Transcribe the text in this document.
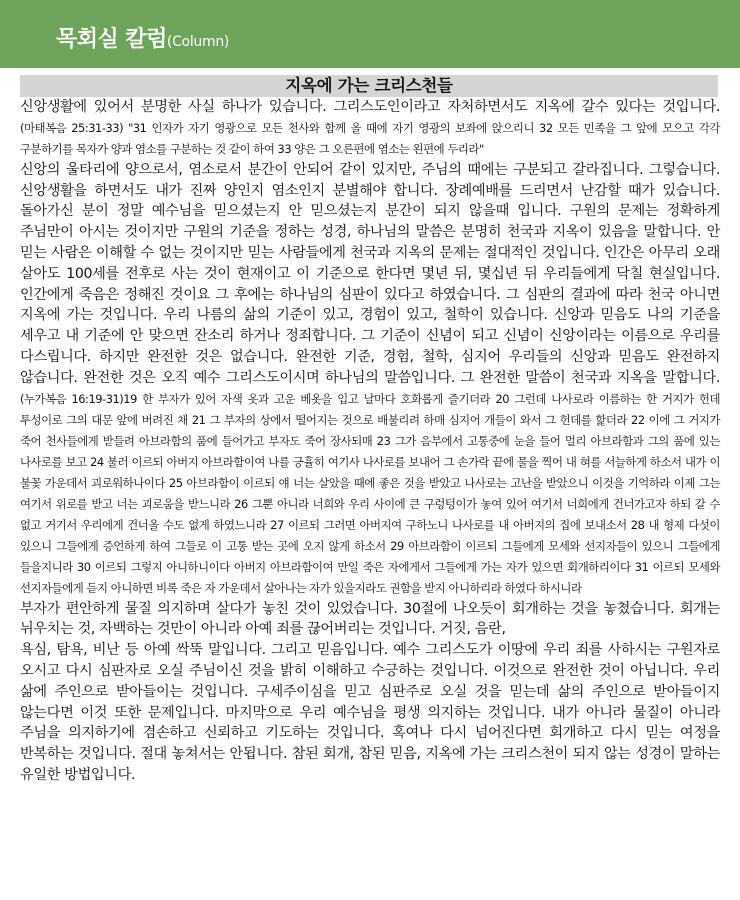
목회실 칼럼(Column)
지옥에 가는 크리스천들

신앙생활에 있어서 분명한 사실 하나가 있습니다. 그리스도인이라고 자처하면서도 지옥에 갈수 있다는 것입니다. (마태복음 25:31-33) "31 인자가 자기 영광으로 모든 천사와 함께 올 때에 자기 영광의 보좌에 앉으리니 32 모든 민족을 그 앞에 모으고 각각 구분하기를 목자가 양과 염소를 구분하는 것 같이 하여 33 양은 그 오른편에 염소는 왼편에 두리라"

신앙의 울타리에 양으로서, 염소로서 분간이 안되어 같이 있지만, 주님의 때에는 구분되고 갈라집니다. 그렇습니다. 신앙생활을 하면서도 내가 진짜 양인지 염소인지 분별해야 합니다. 장례예배를 드리면서 난감할 때가 있습니다. 돌아가신 분이 정말 예수님을 믿으셨는지 안 믿으셨는지 분간이 되지 않을때 입니다. 구원의 문제는 정확하게 주님만이 아시는 것이지만 구원의 기준을 정하는 성경, 하나님의 말씀은 분명히 천국과 지옥이 있음을 말합니다. 안 믿는 사람은 이해할 수 없는 것이지만 믿는 사람들에게 천국과 지옥의 문제는 절대적인 것입니다. 인간은 아무리 오래 살아도 100세를 전후로 사는 것이 현재이고 이 기준으로 한다면 몇년 뒤, 몇십년 뒤 우리들에게 닥칠 현실입니다. 인간에게 죽음은 정해진 것이요 그 후에는 하나님의 심판이 있다고 하였습니다. 그 심판의 결과에 따라 천국 아니면 지옥에 가는 것입니다. 우리 나름의 삶의 기준이 있고, 경험이 있고, 철학이 있습니다. 신앙과 믿음도 나의 기준을 세우고 내 기준에 안 맞으면 잔소리 하거나 정죄합니다. 그 기준이 신념이 되고 신념이 신앙이라는 이름으로 우리를 다스립니다. 하지만 완전한 것은 없습니다. 완전한 기준, 경험, 철학, 심지어 우리들의 신앙과 믿음도 완전하지 않습니다. 완전한 것은 오직 예수 그리스도이시며 하나님의 말씀입니다. 그 완전한 말씀이 천국과 지옥을 말합니다. (누가복음 16:19-31)19 한 부자가 있어 자색 옷과 고운 베옷을 입고 날마다 호화롭게 즐기더라 20 그런데 나사로라 이름하는 한 거지가 헌데 투성이로 그의 대문 앞에 버려진 채 21 그 부자의 상에서 떨어지는 것으로 배불리려 하매 심지어 개들이 와서 그 헌데를 핥더라 22 이에 그 거지가 죽어 천사들에게 받들려 아브라함의 품에 들어가고 부자도 죽어 장사되매 23 그가 음부에서 고통중에 눈을 들어 멀리 아브라함과 그의 품에 있는 나사로를 보고 24 불러 이르되 아버지 아브라함이여 나를 긍휼히 여기사 나사로를 보내어 그 손가락 끝에 물을 찍어 내 혀를 서늘하게 하소서 내가 이 불꽃 가운데서 괴로워하나이다 25 아브라함이 이르되 얘 너는 살았을 때에 좋은 것을 받았고 나사로는 고난을 받았으니 이것을 기억하라 이제 그는 여기서 위로를 받고 너는 괴로움을 받느니라 26 그뿐 아니라 너희와 우리 사이에 큰 구렁텅이가 놓여 있어 여기서 너희에게 건너가고자 하되 갈 수 없고 거기서 우리에게 건너올 수도 없게 하였느니라 27 이르되 그러면 아버지여 구하노니 나사로를 내 아버지의 집에 보내소서 28 내 형제 다섯이 있으니 그들에게 증언하게 하여 그들로 이 고통 받는 곳에 오지 않게 하소서 29 아브라함이 이르되 그들에게 모세와 선지자들이 있으니 그들에게 들을지니라 30 이르되 그렇지 아니하니이다 아버지 아브라함이여 만일 죽은 자에게서 그들에게 가는 자가 있으면 회개하리이다 31 이르되 모세와 선지자들에게 듣지 아니하면 비록 죽은 자 가운데서 살아나는 자가 있을지라도 권함을 받지 아니하리라 하였다 하시니라

부자가 편안하게 물질 의지하며 살다가 놓친 것이 있었습니다. 30절에 나오듯이 회개하는 것을 놓쳤습니다. 회개는 뉘우치는 것, 자백하는 것만이 아니라 아예 죄를 끊어버리는 것입니다. 거짓, 음란,

욕심, 탐욕, 비난 등 아예 싹뚝 말입니다. 그리고 믿음입니다. 예수 그리스도가 이땅에 우리 죄를 사하시는 구원자로 오시고 다시 심판자로 오실 주님이신 것을 밝히 이해하고 수긍하는 것입니다. 이것으로 완전한 것이 아닙니다. 우리 삶에 주인으로 받아들이는 것입니다. 구세주이심을 믿고 심판주로 오실 것을 믿는데 삶의 주인으로 받아들이지 않는다면 이것 또한 문제입니다. 마지막으로 우리 예수님을 평생 의지하는 것입니다. 내가 아니라 물질이 아니라 주님을 의지하기에 겸손하고 신뢰하고 기도하는 것입니다. 혹여나 다시 넘어진다면 회개하고 다시 믿는 여정을 반복하는 것입니다. 절대 놓쳐서는 안됩니다. 참된 회개, 참된 믿음, 지옥에 가는 크리스천이 되지 않는 성경이 말하는 유일한 방법입니다.
